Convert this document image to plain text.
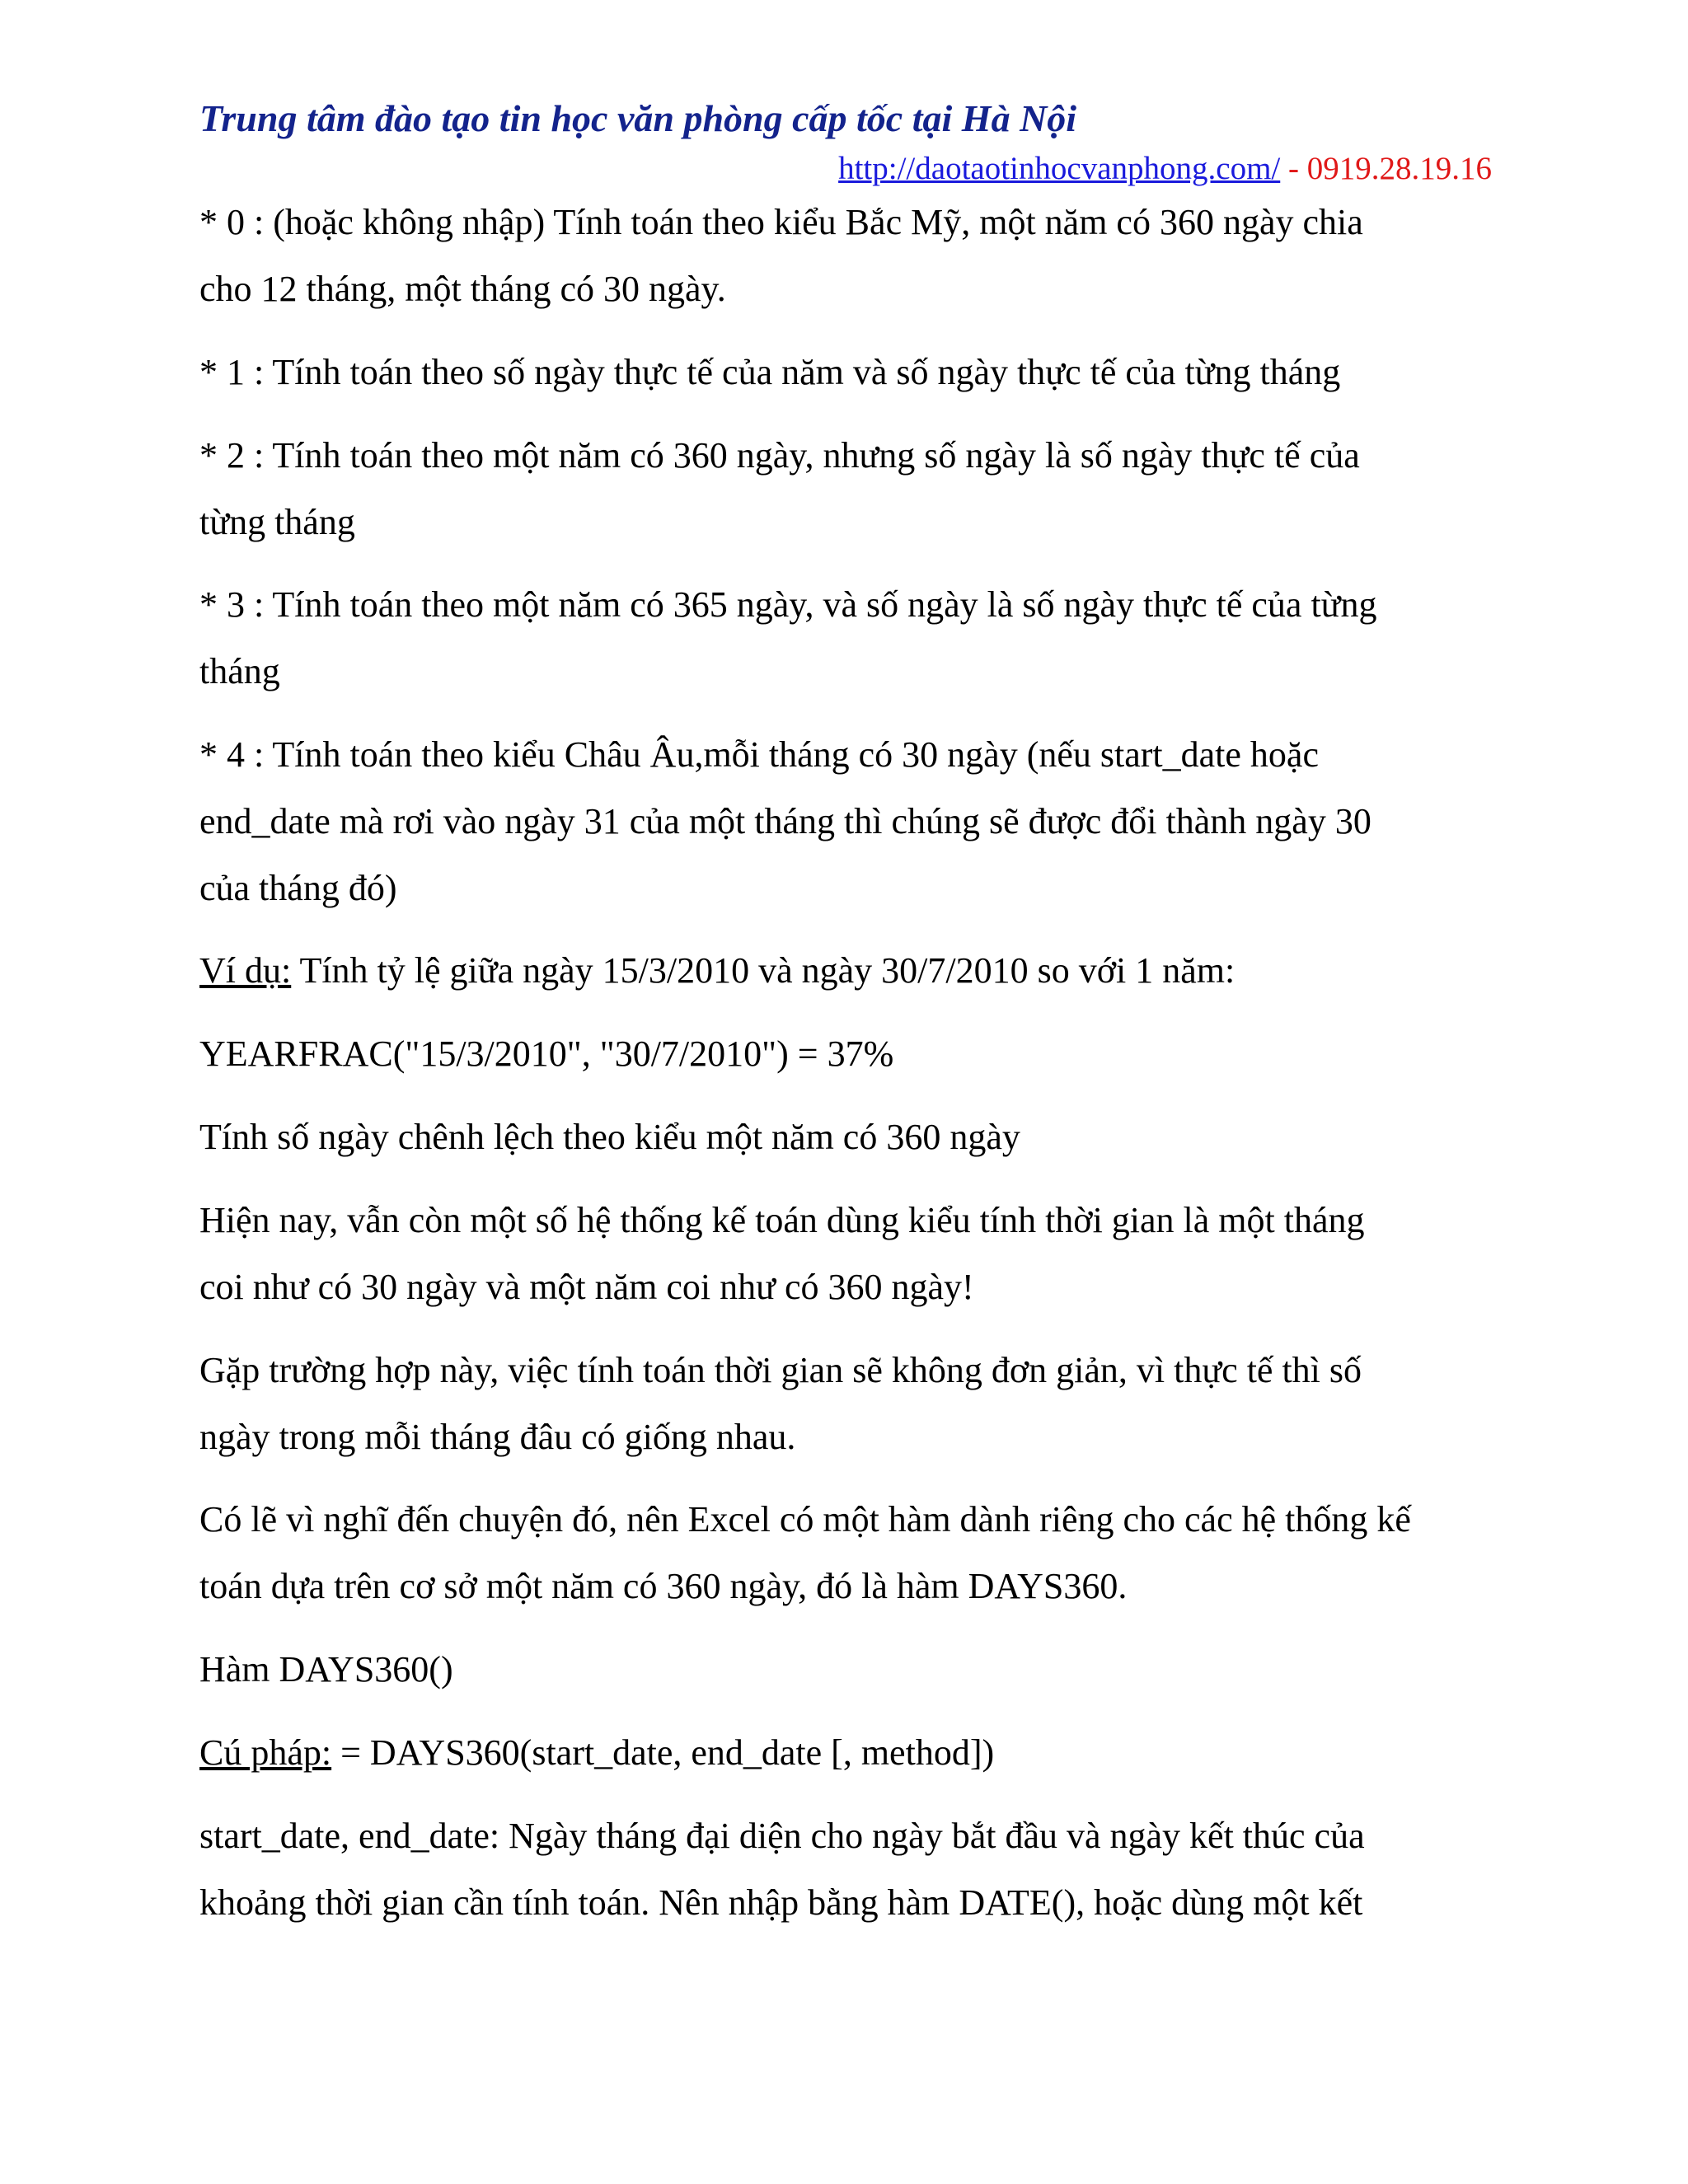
Trung tâm đào tạo tin học văn phòng cấp tốc tại Hà Nội
http://daotaotinhocvanphong.com/ - 0919.28.19.16

* 0 : (hoặc không nhập) Tính toán theo kiểu Bắc Mỹ, một năm có 360 ngày chia

cho 12 tháng, một tháng có 30 ngày.

* 1 : Tính toán theo số ngày thực tế của năm và số ngày thực tế của từng tháng

* 2 : Tính toán theo một năm có 360 ngày, nhưng số ngày là số ngày thực tế của

từng tháng

* 3 : Tính toán theo một năm có 365 ngày, và số ngày là số ngày thực tế của từng

tháng

* 4 : Tính toán theo kiểu Châu Âu,mỗi tháng có 30 ngày (nếu start_date hoặc

end_date mà rơi vào ngày 31 của một tháng thì chúng sẽ được đổi thành ngày 30

của tháng đó)

Ví dụ: Tính tỷ lệ giữa ngày 15/3/2010 và ngày 30/7/2010 so với 1 năm:

YEARFRAC("15/3/2010", "30/7/2010") = 37%

Tính số ngày chênh lệch theo kiểu một năm có 360 ngày

Hiện nay, vẫn còn một số hệ thống kế toán dùng kiểu tính thời gian là một tháng

coi như có 30 ngày và một năm coi như có 360 ngày!

Gặp trường hợp này, việc tính toán thời gian sẽ không đơn giản, vì thực tế thì số

ngày trong mỗi tháng đâu có giống nhau.

Có lẽ vì nghĩ đến chuyện đó, nên Excel có một hàm dành riêng cho các hệ thống kế

toán dựa trên cơ sở một năm có 360 ngày, đó là hàm DAYS360.

Hàm DAYS360()

Cú pháp: = DAYS360(start_date, end_date [, method])

start_date, end_date: Ngày tháng đại diện cho ngày bắt đầu và ngày kết thúc của

khoảng thời gian cần tính toán. Nên nhập bằng hàm DATE(), hoặc dùng một kết
